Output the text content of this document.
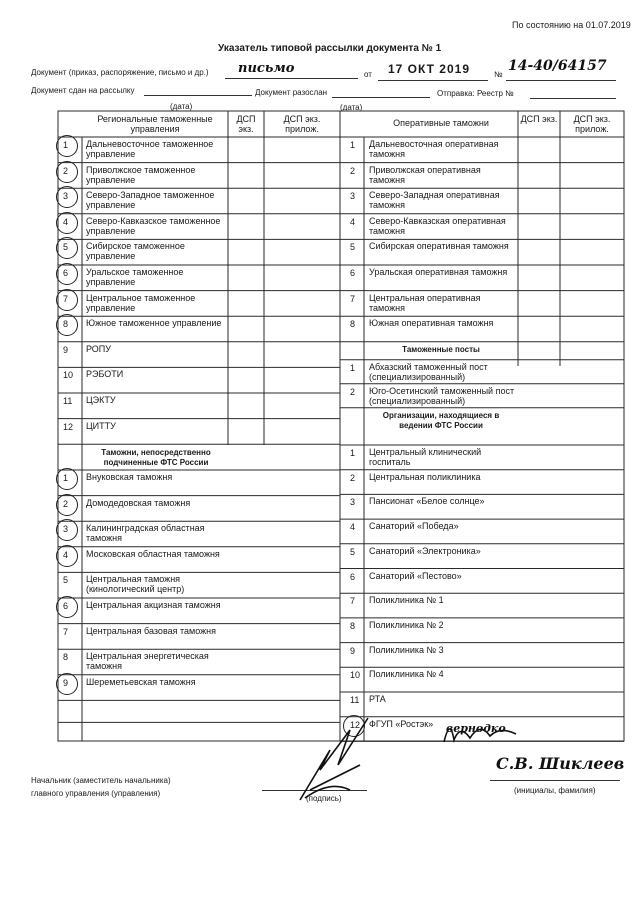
По состоянию на 01.07.2019
Указатель типовой рассылки документа № 1
Документ (приказ, распоряжение, письмо и др.) письмо	от 17 ОКТ 2019	№
14-40/64157
Документ сдан на рассылку	Документ разослан	Отправка: Реестр №
(дата)	(дата)
Региональные таможенные управления
ДСП экз.
ДСП экз. прилож.
Оперативные таможни	ДСП экз.	ДСП экз. прилож.
1 Дальневосточное таможенное управление
2 Приволжское таможенное управление
3 Северо-Западное таможенное управление
4 Северо-Кавказское таможенное управление
5 Сибирское таможенное управление
6 Уральское таможенное управление
7 Центральное таможенное управление
8 Южное таможенное управление
9 РОПУ
10 РЭБОТИ
11 ЦЭКТУ
12 ЦИТТУ
Таможни, непосредственно подчиненные ФТС России
1 Внуковская таможня
2 Домодедовская таможня
3 Калининградская областная таможня
4 Московская областная таможня
5 Центральная таможня (кинологический центр)
6 Центральная акцизная таможня
7 Центральная базовая таможня
8 Центральная энергетическая таможня
9 Шереметьевская таможня
1 Дальневосточная оперативная таможня
2 Приволжская оперативная таможня
3 Северо-Западная оперативная таможня
4 Северо-Кавказская оперативная таможня
5 Сибирская оперативная таможня
6 Уральская оперативная таможня
7 Центральная оперативная таможня
8 Южная оперативная таможня
Таможенные посты
1 Абхазский таможенный пост (специализированный)
2 Юго-Осетинский таможенный пост (специализированный)
Организации, находящиеся в ведении ФТС России
1 Центральный клинический госпиталь
2 Центральная поликлиника
3 Пансионат «Белое солнце»
4 Санаторий «Победа»
5 Санаторий «Электроника»
6 Санаторий «Пестово»
7 Поликлиника № 1
8 Поликлиника № 2
9 Поликлиника № 3
10 Поликлиника № 4
11 РТА
12 ФГУП «Ростэк»	вернодко
Начальник (заместитель начальника)
главного управления (управления)
(подпись)
(инициалы, фамилия)
С.В. Шиклеев
